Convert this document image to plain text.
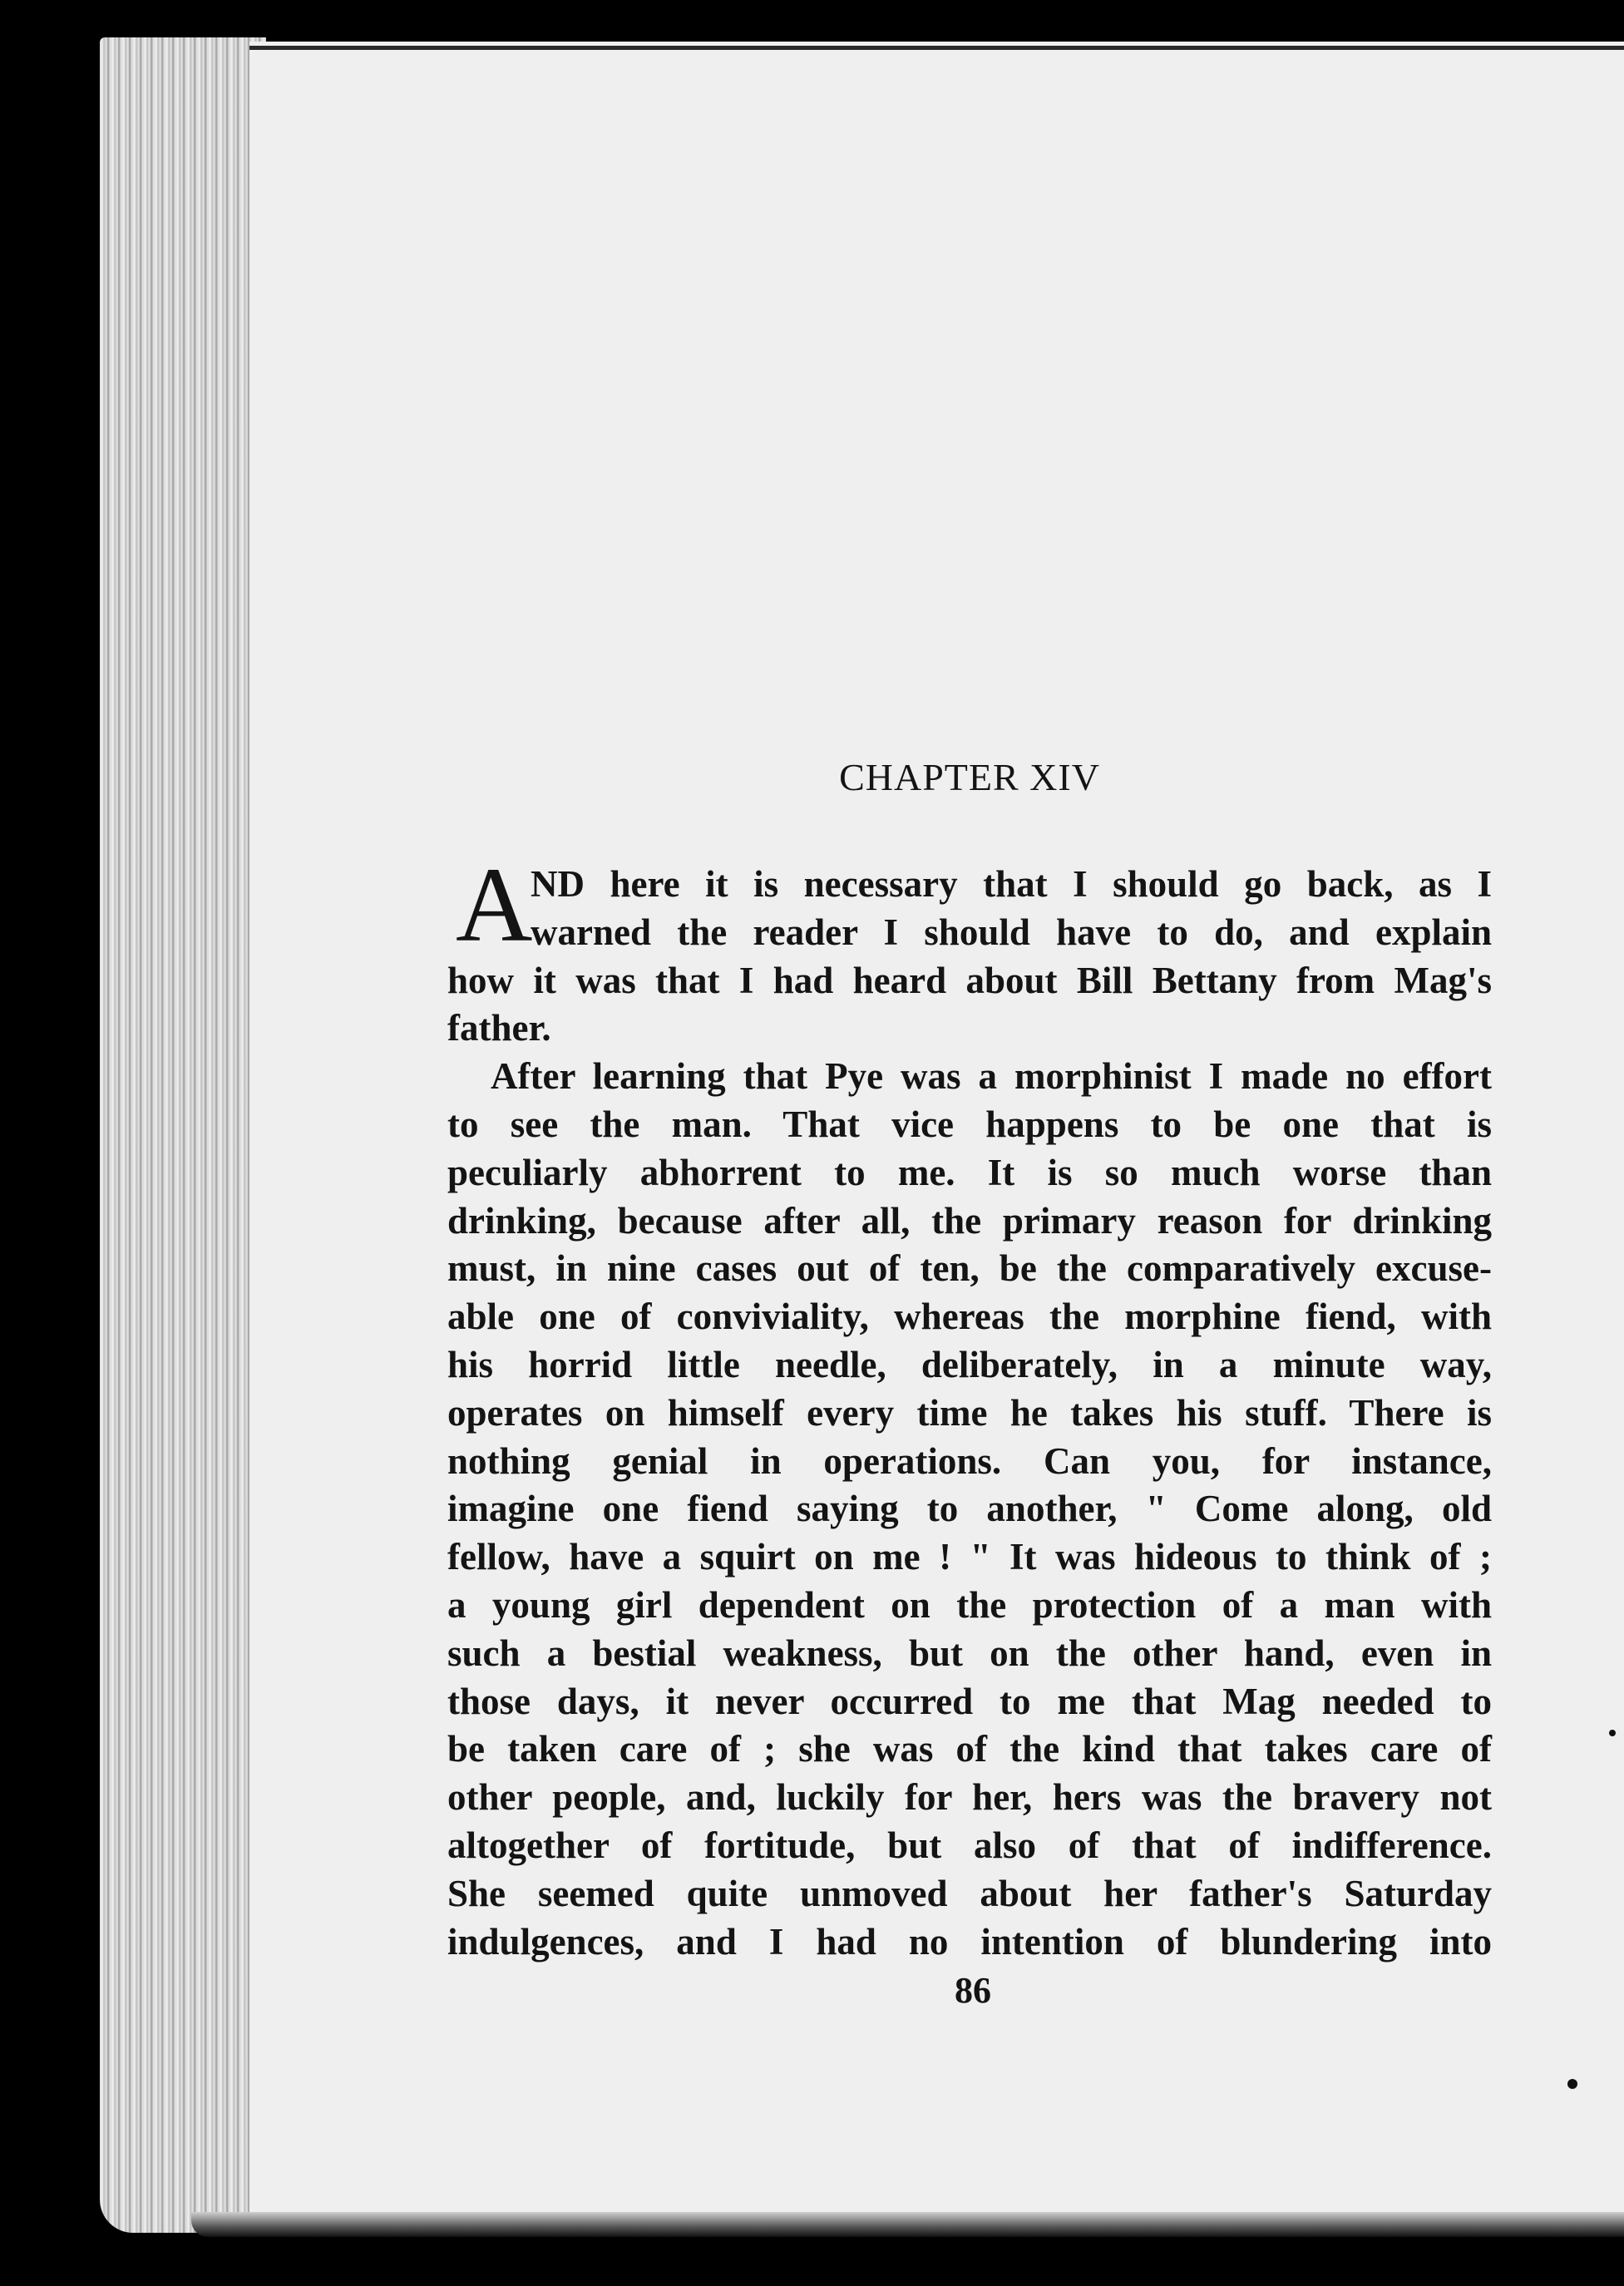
CHAPTER XIV
A
ND here it is necessary that I should go back, as I
warned the reader I should have to do, and explain
how it was that I had heard about Bill Bettany from Mag's
father.
After learning that Pye was a morphinist I made no effort
to see the man. That vice happens to be one that is
peculiarly abhorrent to me. It is so much worse than
drinking, because after all, the primary reason for drinking
must, in nine cases out of ten, be the comparatively excuse-
able one of conviviality, whereas the morphine fiend, with
his horrid little needle, deliberately, in a minute way,
operates on himself every time he takes his stuff. There is
nothing genial in operations. Can you, for instance,
imagine one fiend saying to another, " Come along, old
fellow, have a squirt on me ! " It was hideous to think of ;
a young girl dependent on the protection of a man with
such a bestial weakness, but on the other hand, even in
those days, it never occurred to me that Mag needed to
be taken care of ; she was of the kind that takes care of
other people, and, luckily for her, hers was the bravery not
altogether of fortitude, but also of that of indifference.
She seemed quite unmoved about her father's Saturday
indulgences, and I had no intention of blundering into
86
